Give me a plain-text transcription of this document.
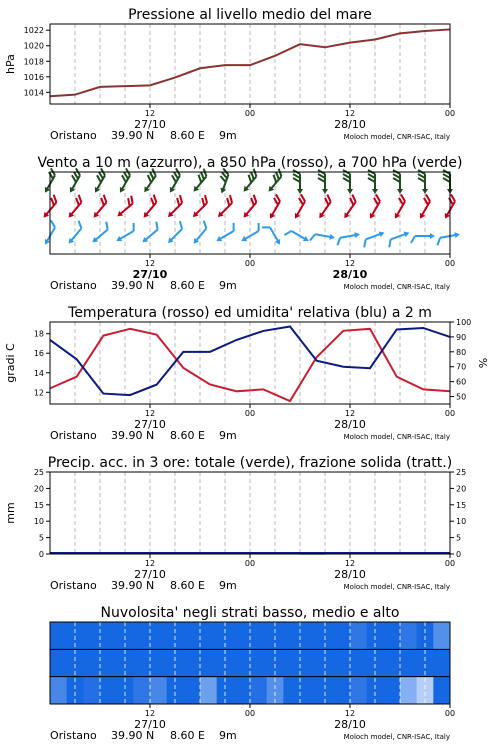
1014
1016
1018
1020
1022
hPa
Pressione al livello medio del mare
12	00	12	00
27/10	28/10
Oristano 39.90 N 8.60 E 9m	Moloch model, CNR-ISAC, Italy
Vento a 10 m (azzurro), a 850 hPa (rosso), a 700 hPa (verde)
12	00	12	00
27/10	28/10
Oristano 39.90 N 8.60 E 9m	Moloch model, CNR-ISAC, Italy
12
14
16
18
50
60
70
80
90
100
gradi C	%
Temperatura (rosso) ed umidita' relativa (blu) a 2 m
12	00	12	00
27/10	28/10
Oristano 39.90 N 8.60 E 9m	Moloch model, CNR-ISAC, Italy
0	0
5	5
10	10
15	15
20	20
25	25
mm
Precip. acc. in 3 ore: totale (verde), frazione solida (tratt.)
12	00	12	00
27/10	28/10
Oristano 39.90 N 8.60 E 9m	Moloch model, CNR-ISAC, Italy
Nuvolosita' negli strati basso, medio e alto
12	00	12	00
27/10	28/10
Oristano 39.90 N 8.60 E 9m	Moloch model, CNR-ISAC, Italy
